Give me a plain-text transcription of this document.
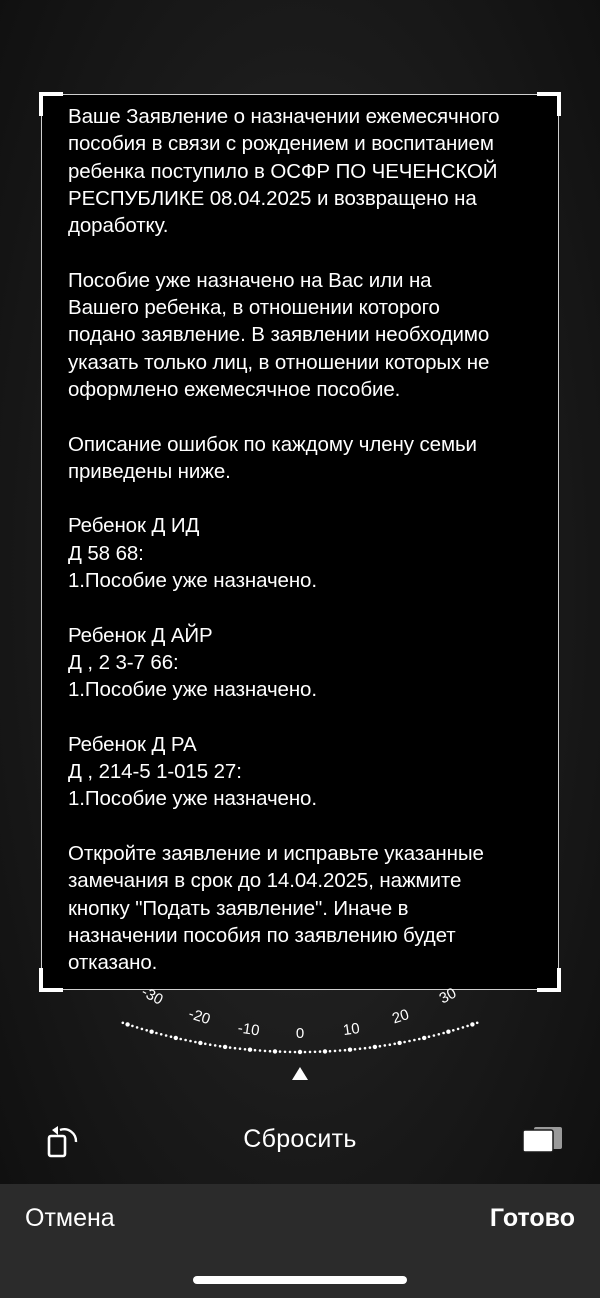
Ваше Заявление о назначении ежемесячного
пособия в связи с рождением и воспитанием
ребенка поступило в ОСФР ПО ЧЕЧЕНСКОЙ
РЕСПУБЛИКЕ 08.04.2025 и возвращено на
доработку.

Пособие уже назначено на Вас или на
Вашего ребенка, в отношении которого
подано заявление. В заявлении необходимо
указать только лиц, в отношении которых не
оформлено ежемесячное пособие.

Описание ошибок по каждому члену семьи
приведены ниже.

Ребенок Д ИД
Д 58 68:
1.Пособие уже назначено.

Ребенок Д АЙР
Д , 2 3-7 66:
1.Пособие уже назначено.

Ребенок Д РА
Д , 214-5 1-015 27:
1.Пособие уже назначено.

Откройте заявление и исправьте указанные
замечания в срок до 14.04.2025, нажмите
кнопку "Подать заявление". Иначе в
назначении пособия по заявлению будет
отказано.

-30
-20
-10 0	10
20
30
Сбросить
Отмена	Готово
